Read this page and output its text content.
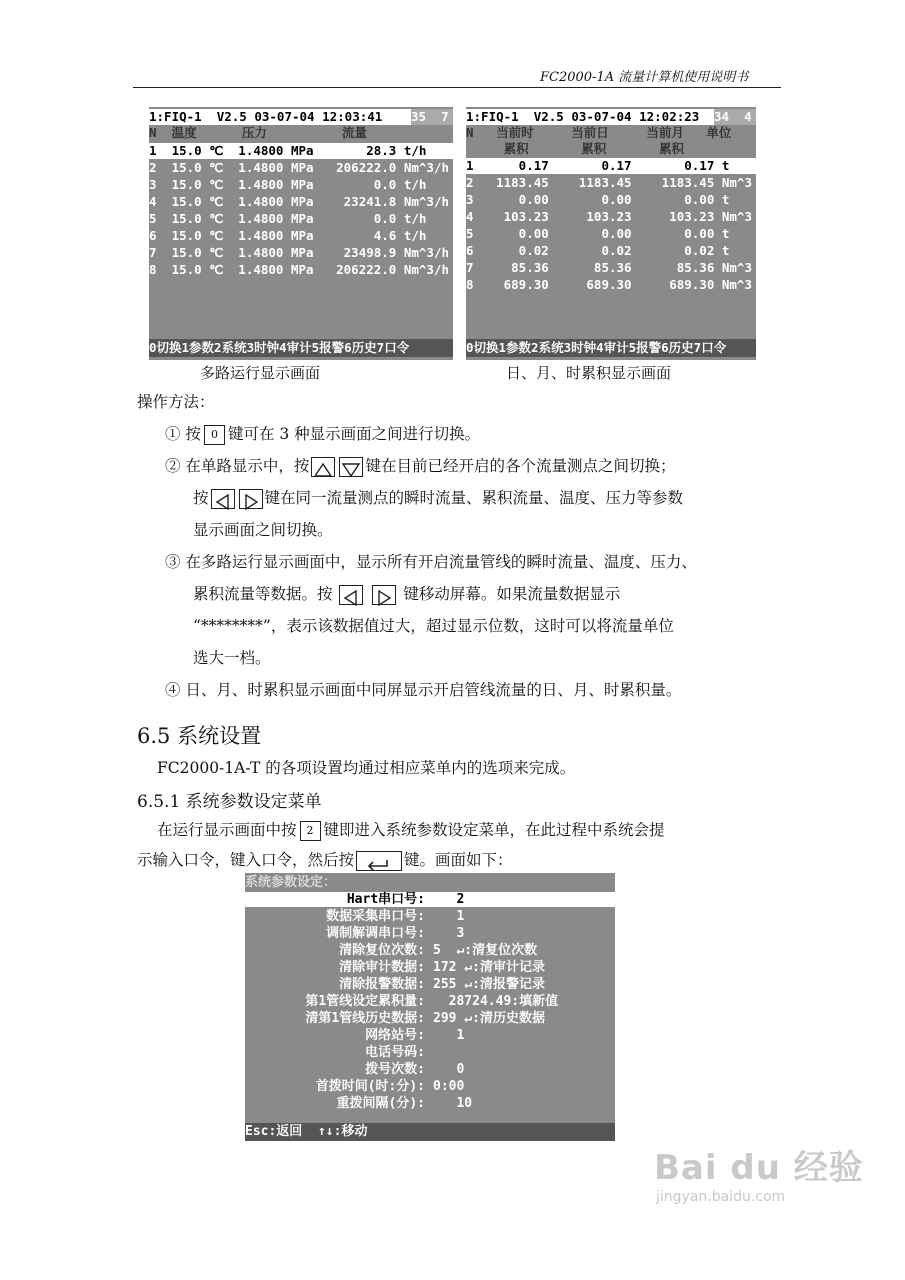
FC2000-1A 流量计算机使用说明书
1:FIQ-1  V2.5 03-07-04 12:03:41	35  7
N  温度      压力          流量
1  15.0 ℃  1.4800 MPa       28.3 t/h
2  15.0 ℃  1.4800 MPa   206222.0 Nm^3/h
3  15.0 ℃  1.4800 MPa        0.0 t/h
4  15.0 ℃  1.4800 MPa    23241.8 Nm^3/h
5  15.0 ℃  1.4800 MPa        0.0 t/h
6  15.0 ℃  1.4800 MPa        4.6 t/h
7  15.0 ℃  1.4800 MPa    23498.9 Nm^3/h
8  15.0 ℃  1.4800 MPa   206222.0 Nm^3/h
0切换1参数2系统3时钟4审计5报警6历史7口令
多路运行显示画面
1:FIQ-1  V2.5 03-07-04 12:02:23	34  4
N   当前时     当前日     当前月   单位
累积       累积       累积
1      0.17       0.17       0.17 t
2   1183.45    1183.45    1183.45 Nm^3
3      0.00       0.00       0.00 t
4    103.23     103.23     103.23 Nm^3
5      0.00       0.00       0.00 t
6      0.02       0.02       0.02 t
7     85.36      85.36      85.36 Nm^3
8    689.30     689.30     689.30 Nm^3
0切换1参数2系统3时钟4审计5报警6历史7口令
日、月、时累积显示画面
操作方法：
① 按 0 键可在 3 种显示画面之间进行切换。
② 在单路显示中，按	键在目前已经开启的各个流量测点之间切换；
按	键在同一流量测点的瞬时流量、累积流量、温度、压力等参数
显示画面之间切换。
③ 在多路运行显示画面中，显示所有开启流量管线的瞬时流量、温度、压力、
累积流量等数据。按	键移动屏幕。如果流量数据显示
“********”，表示该数据值过大，超过显示位数，这时可以将流量单位
选大一档。
④ 日、月、时累积显示画面中同屏显示开启管线流量的日、月、时累积量。
6.5 系统设置
FC2000-1A-T 的各项设置均通过相应菜单内的选项来完成。
6.5.1 系统参数设定菜单
在运行显示画面中按 2 键即进入系统参数设定菜单，在此过程中系统会提
示输入口令，键入口令，然后按	键。画面如下：
系统参数设定：
Hart串口号: 2
数据采集串口号: 1
调制解调串口号: 3
清除复位次数: 5  ↵:清复位次数
清除审计数据: 172 ↵:清审计记录
清除报警数据: 255 ↵:清报警记录
第1管线设定累积量: 28724.49:填新值
清第1管线历史数据: 299 ↵:清历史数据
网络站号: 1
电话号码:
拨号次数: 0
首拨时间(时:分): 0:00
重拨间隔(分): 10
Esc:返回  ↑↓:移动
Bai du 经验
jingyan.baidu.com
